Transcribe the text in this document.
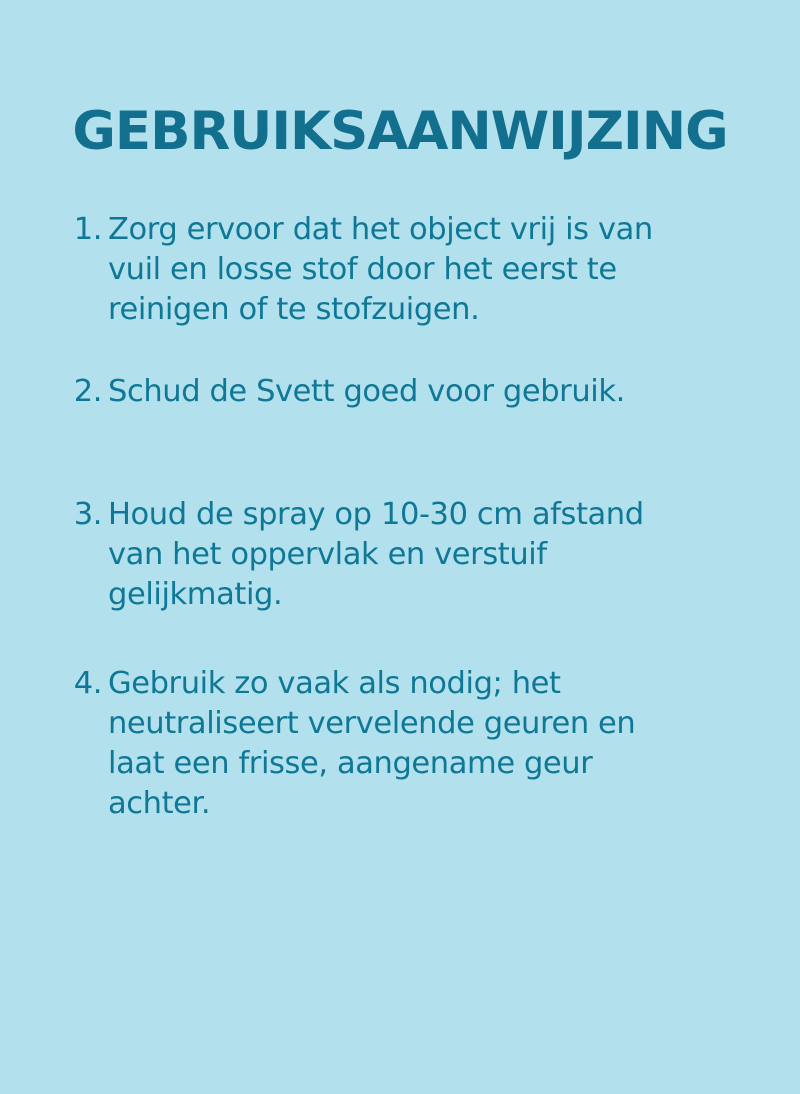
GEBRUIKSAANWIJZING
1. Zorg ervoor dat het object vrij is van
vuil en losse stof door het eerst te
reinigen of te stofzuigen.
2. Schud de Svett goed voor gebruik.
3. Houd de spray op 10-30 cm afstand
van het oppervlak en verstuif
gelijkmatig.
4. Gebruik zo vaak als nodig; het
neutraliseert vervelende geuren en
laat een frisse, aangename geur
achter.
